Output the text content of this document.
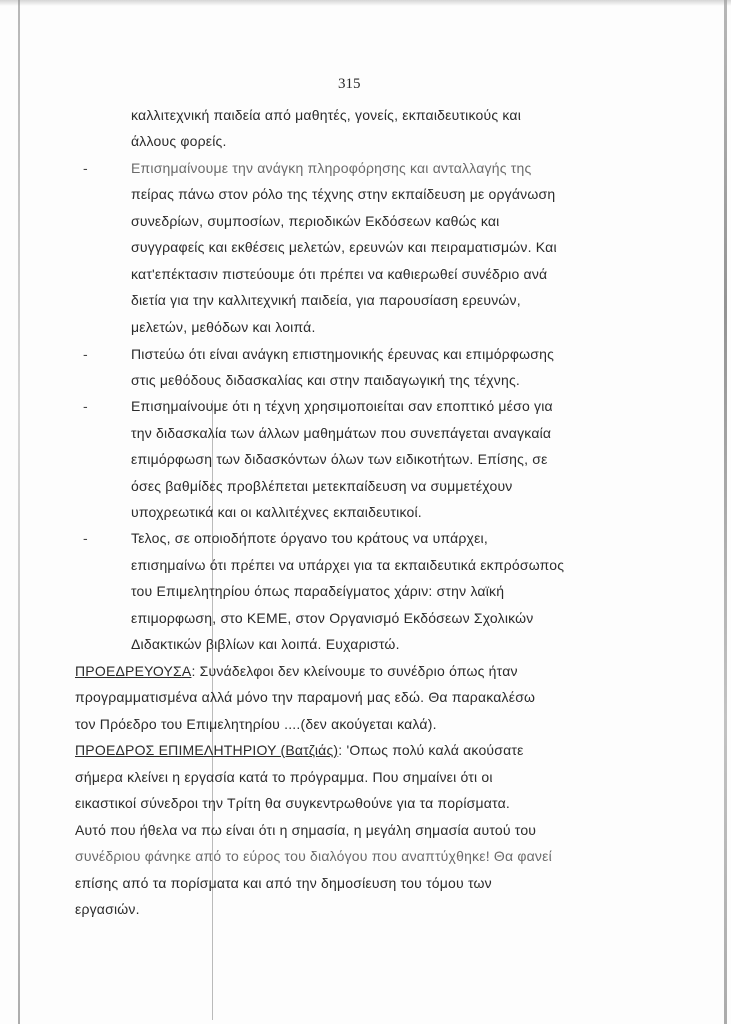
315
-
-
-
-
καλλιτεχνική παιδεία από μαθητές, γονείς, εκπαιδευτικούς και
άλλους φορείς.
Επισημαίνουμε την ανάγκη πληροφόρησης και ανταλλαγής της
πείρας πάνω στον ρόλο της τέχνης στην εκπαίδευση με οργάνωση
συνεδρίων, συμποσίων, περιοδικών Εκδόσεων καθώς και
συγγραφείς και εκθέσεις μελετών, ερευνών και πειραματισμών. Και
κατ'επέκτασιν πιστεύουμε ότι πρέπει να καθιερωθεί συνέδριο ανά
διετία για την καλλιτεχνική παιδεία, για παρουσίαση ερευνών,
μελετών, μεθόδων και λοιπά.
Πιστεύω ότι είναι ανάγκη επιστημονικής έρευνας και επιμόρφωσης
στις μεθόδους διδασκαλίας και στην παιδαγωγική της τέχνης.
Επισημαίνουμε ότι η τέχνη χρησιμοποιείται σαν εποπτικό μέσο για
την διδασκαλία των άλλων μαθημάτων που συνεπάγεται αναγκαία
επιμόρφωση των διδασκόντων όλων των ειδικοτήτων. Επίσης, σε
όσες βαθμίδες προβλέπεται μετεκπαίδευση να συμμετέχουν
υποχρεωτικά και οι καλλιτέχνες εκπαιδευτικοί.
Τελος, σε οποιοδήποτε όργανο του κράτους να υπάρχει,
επισημαίνω ότι πρέπει να υπάρχει για τα εκπαιδευτικά εκπρόσωπος
του Επιμελητηρίου όπως παραδείγματος χάριν: στην λαϊκή
επιμορφωση, στο ΚΕΜΕ, στον Οργανισμό Εκδόσεων Σχολικών
Διδακτικών βιβλίων και λοιπά. Ευχαριστώ.
ΠΡΟΕΔΡΕΥΟΥΣΑ: Συνάδελφοι δεν κλείνουμε το συνέδριο όπως ήταν
προγραμματισμένα αλλά μόνο την παραμονή μας εδώ. Θα παρακαλέσω
τον Πρόεδρο του Επιμελητηρίου ....(δεν ακούγεται καλά).
ΠΡΟΕΔΡΟΣ ΕΠΙΜΕΛΗΤΗΡΙΟΥ (Βατζιάς): 'Οπως πολύ καλά ακούσατε
σήμερα κλείνει η εργασία κατά το πρόγραμμα. Που σημαίνει ότι οι
εικαστικοί σύνεδροι την Τρίτη θα συγκεντρωθούνε για τα πορίσματα.
Αυτό που ήθελα να πω είναι ότι η σημασία, η μεγάλη σημασία αυτού του
συνέδριου φάνηκε από το εύρος του διαλόγου που αναπτύχθηκε! Θα φανεί
επίσης από τα πορίσματα και από την δημοσίευση του τόμου των
εργασιών.
